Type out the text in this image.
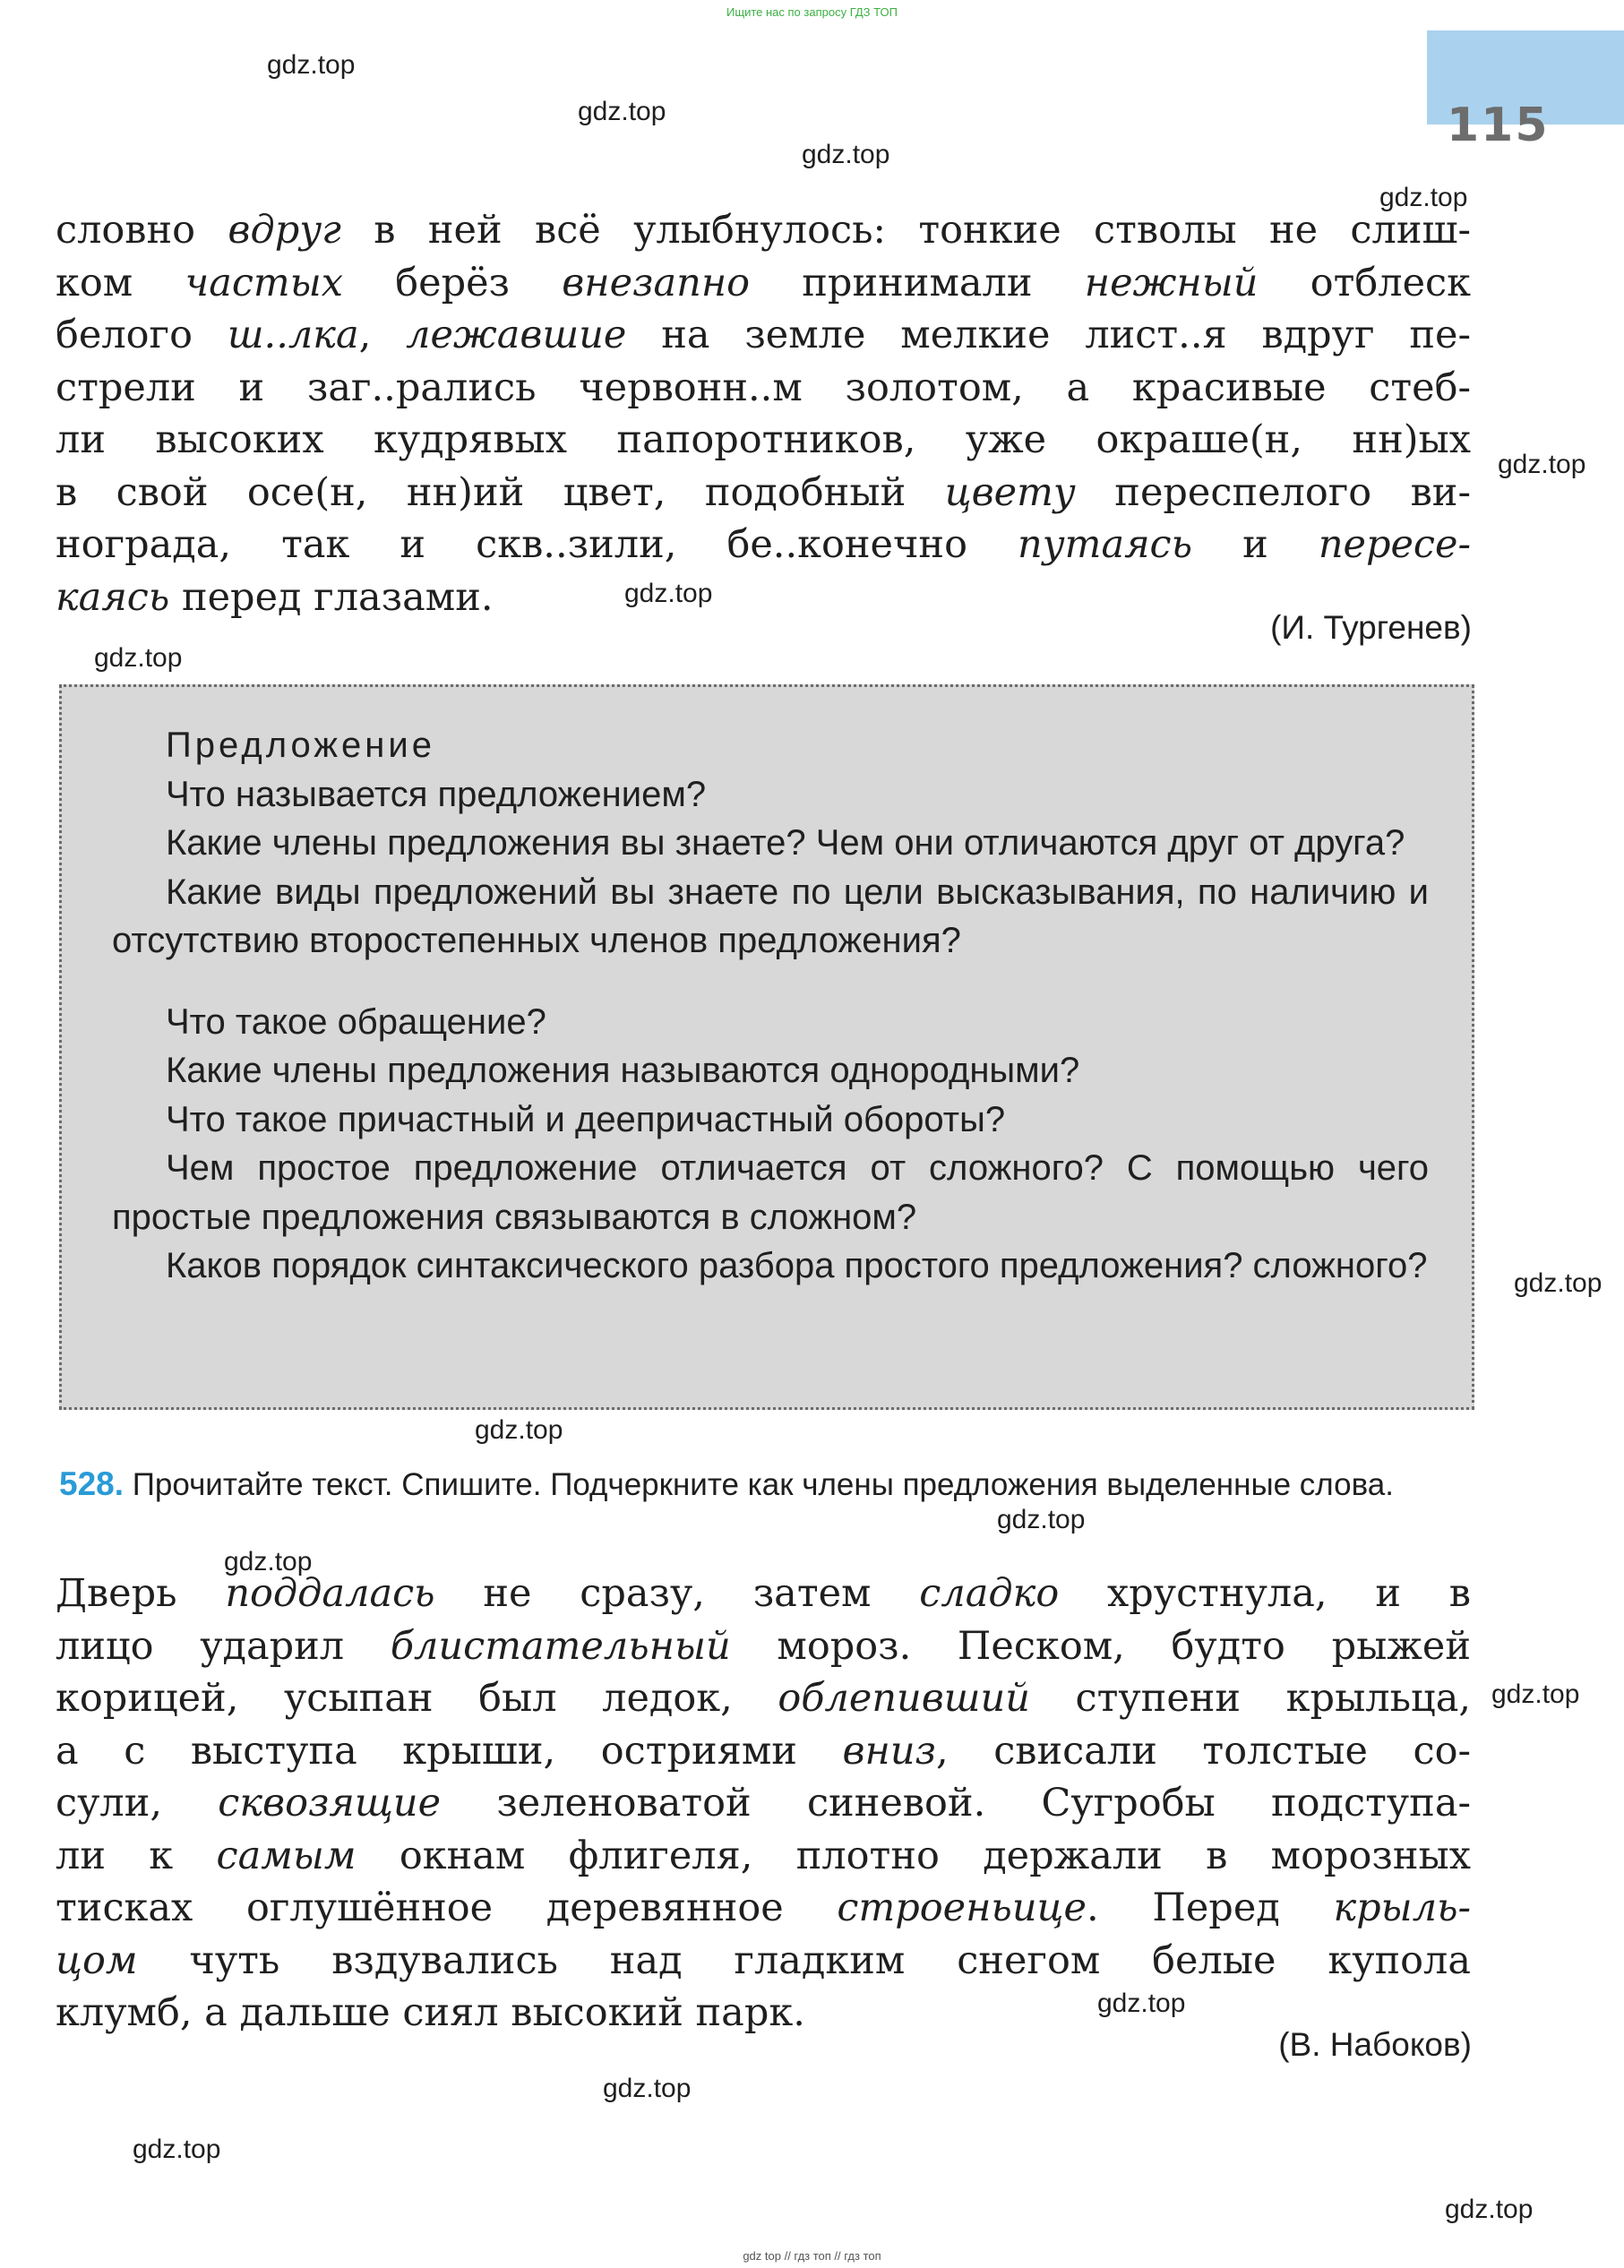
Ищите нас по запросу ГДЗ ТОП
115
gdz.top
gdz.top
gdz.top
gdz.top
gdz.top
gdz.top
gdz.top
gdz.top
gdz.top
gdz.top
gdz.top
gdz.top
gdz.top
gdz.top
gdz.top
gdz.top
словно вдруг в ней всё улыбнулось: тонкие стволы не слиш-
ком частых берёз внезапно принимали нежный отблеск
белого ш..лка, лежавшие на земле мелкие лист..я вдруг пе-
стрели и заг..рались червонн..м золотом, а красивые стеб-
ли высоких кудрявых папоротников, уже окраше(н, нн)ых
в свой осе(н, нн)ий цвет, подобный цвету переспелого ви-
нограда, так и скв..зили, бе..конечно путаясь и пересе-
каясь перед глазами.
(И. Тургенев)
Предложение
Что называется предложением?
Какие члены предложения вы знаете? Чем они отличаются друг от друга?
Какие виды предложений вы знаете по цели высказывания, по наличию и отсутствию второстепенных членов предложения?
Что такое обращение?
Какие члены предложения называются однородными?
Что такое причастный и деепричастный обороты?
Чем простое предложение отличается от сложного? С помощью чего простые предложения связываются в сложном?
Каков порядок синтаксического разбора простого предложения? сложного?
528. Прочитайте текст. Спишите. Подчеркните как члены предложения выделенные слова.
Дверь поддалась не сразу, затем сладко хрустнула, и в
лицо ударил блистательный мороз. Песком, будто рыжей
корицей, усыпан был ледок, облепивший ступени крыльца,
а с выступа крыши, остриями вниз, свисали толстые со-
сули, сквозящие зеленоватой синевой. Сугробы подступа-
ли к самым окнам флигеля, плотно держали в морозных
тисках оглушённое деревянное строеньице. Перед крыль-
цом чуть вздувались над гладким снегом белые купола
клумб, а дальше сиял высокий парк.
(В. Набоков)
gdz top // гдз топ // гдз топ
